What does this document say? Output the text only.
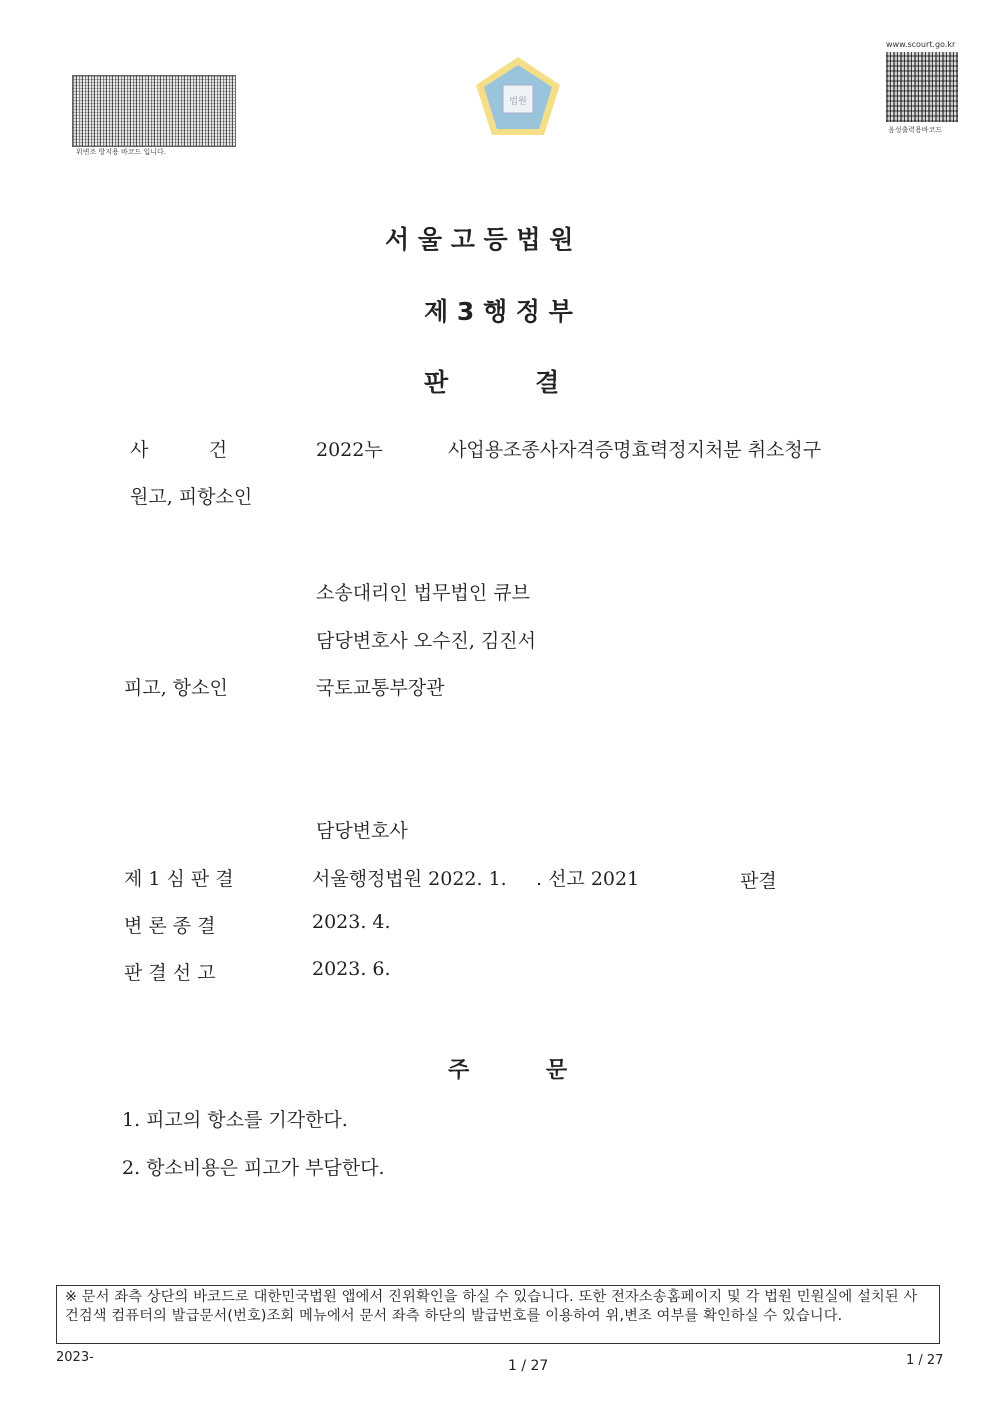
위변조 방지용 바코드 입니다.
법원
www.scourt.go.kr
음성출력용바코드
서 울 고 등 법 원
제 3 행 정 부
판          결
사          건	2022누	사업용조종사자격증명효력정지처분 취소청구
원고, 피항소인
소송대리인 법무법인 큐브
담당변호사 오수진, 김진서
피고, 항소인	국토교통부장관
담당변호사
제 1 심 판 결	서울행정법원 2022. 1. . 선고 2021	판결
변 론 종 결	2023. 4.
판 결 선 고	2023. 6.
주          문
1. 피고의 항소를 기각한다.
2. 항소비용은 피고가 부담한다.
※ 문서 좌측 상단의 바코드로 대한민국법원 앱에서 진위확인을 하실 수 있습니다. 또한 전자소송홈페이지 및 각 법원 민원실에 설치된 사건검색 컴퓨터의 발급문서(번호)조회 메뉴에서 문서 좌측 하단의 발급번호를 이용하여 위,변조 여부를 확인하실 수 있습니다.
2023-
1 / 27	1 / 27
